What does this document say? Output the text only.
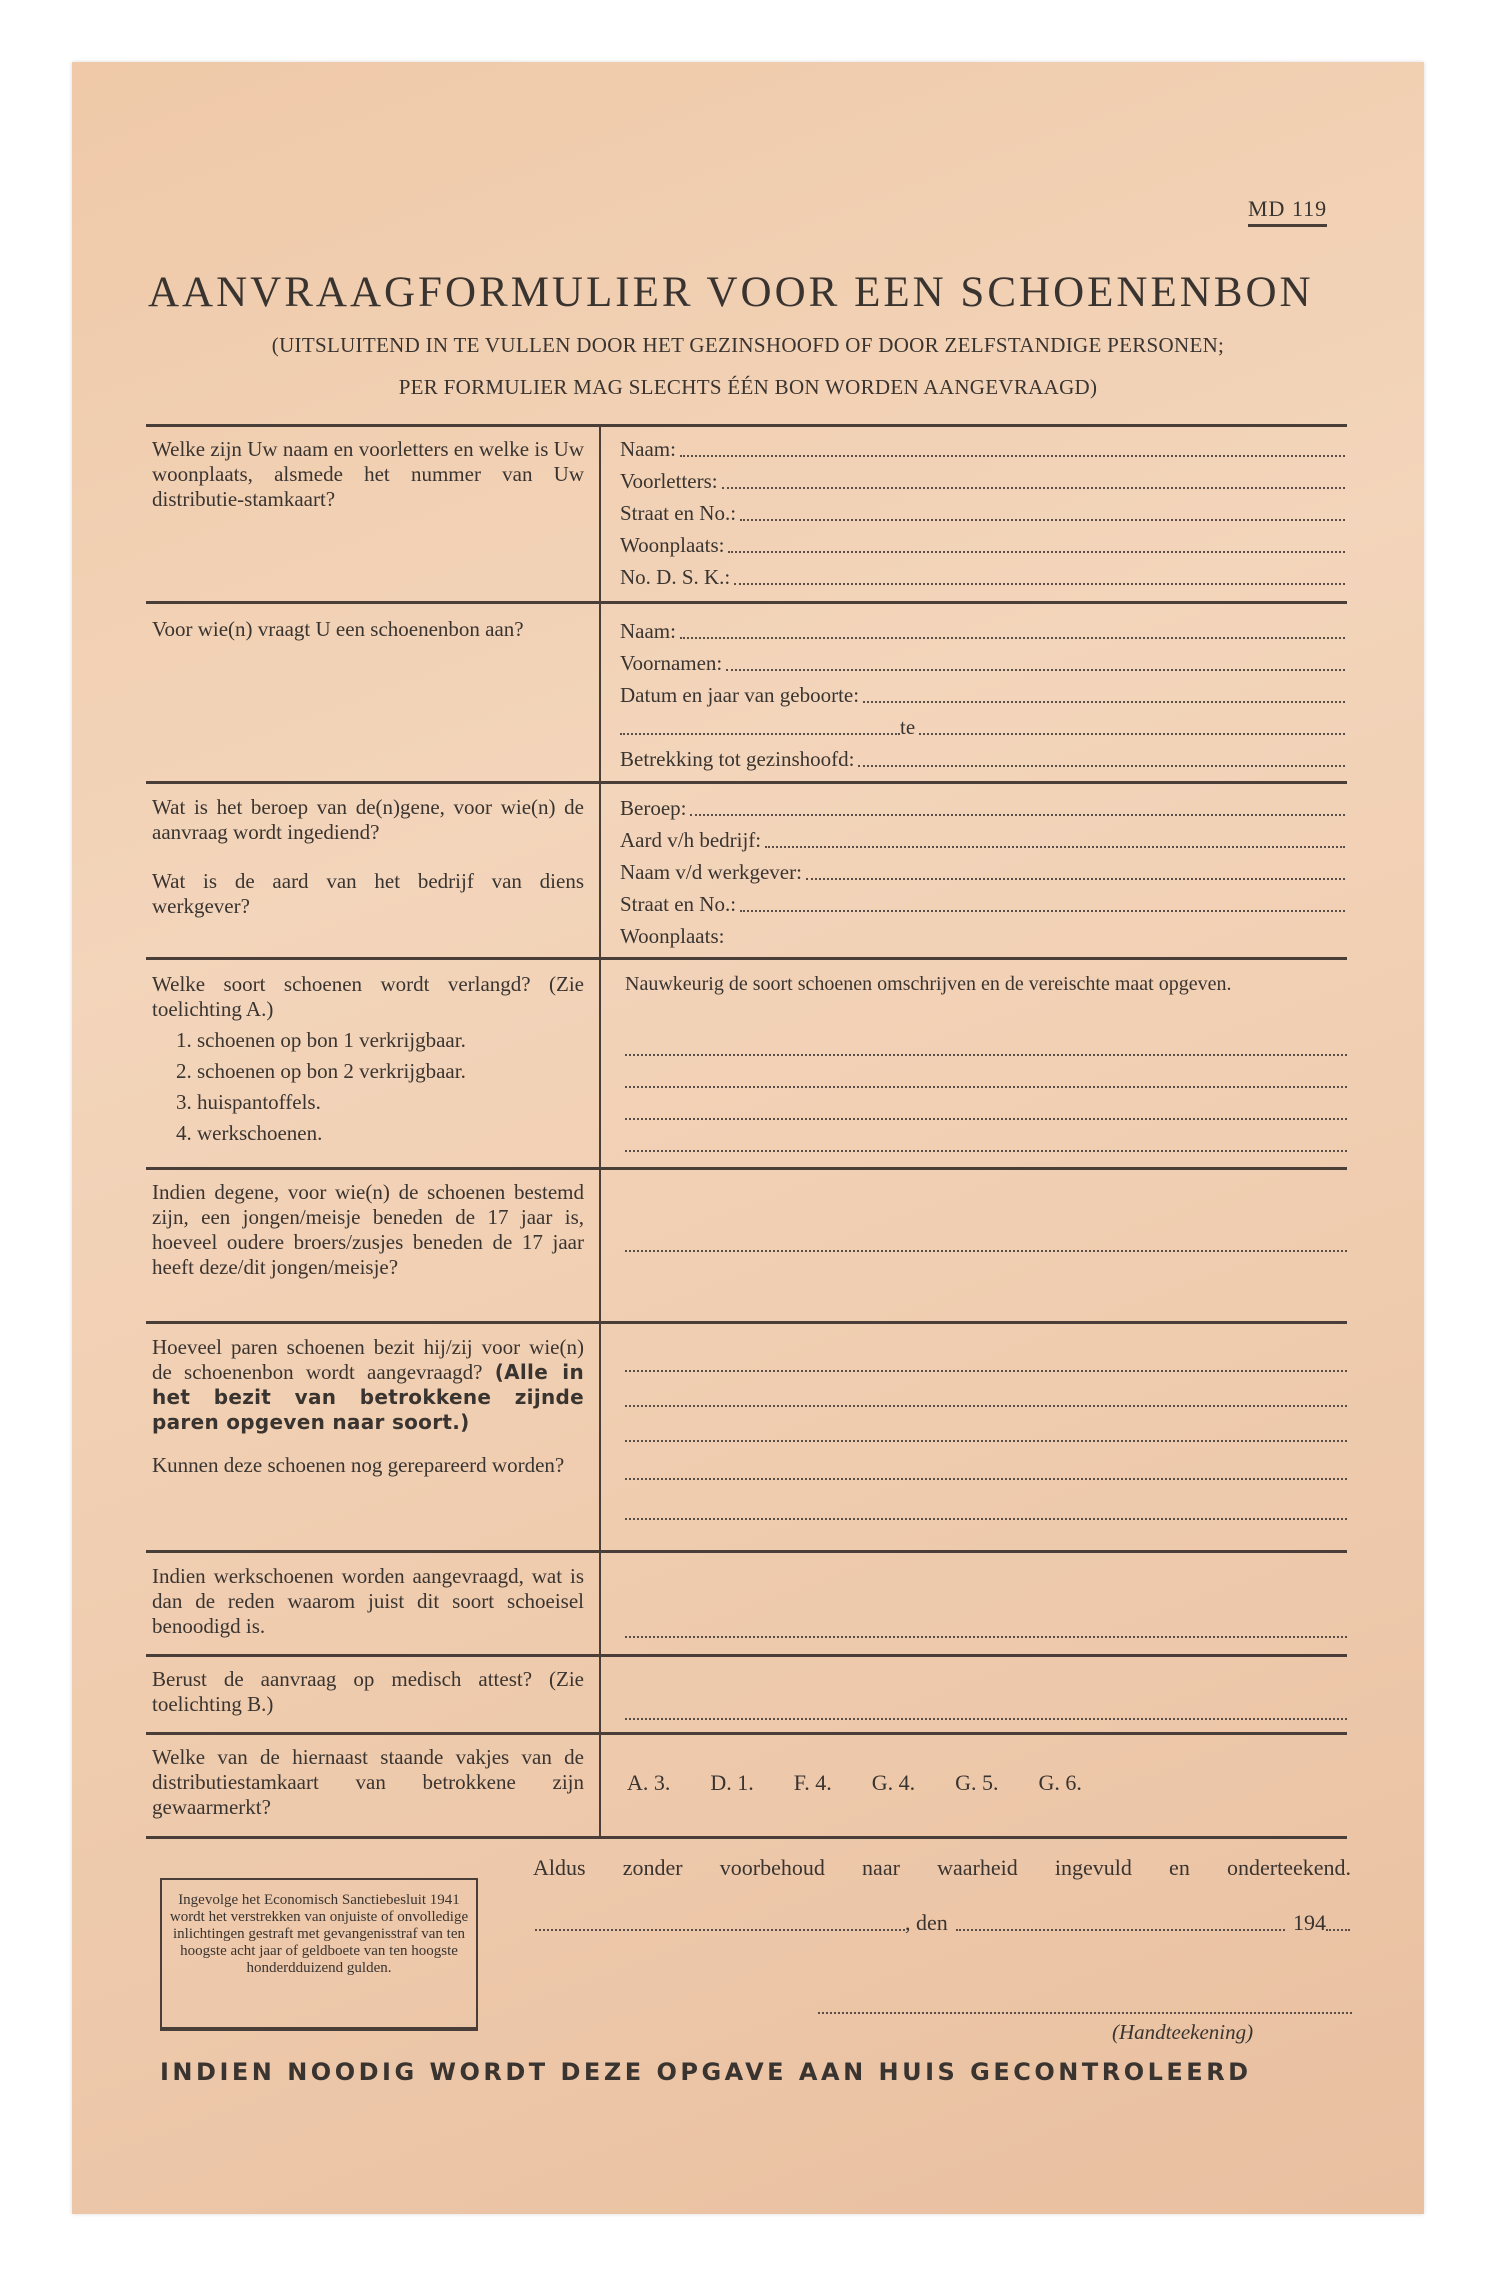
MD 119
AANVRAAGFORMULIER VOOR EEN SCHOENENBON
(UITSLUITEND IN TE VULLEN DOOR HET GEZINSHOOFD OF DOOR ZELFSTANDIGE PERSONEN;
PER FORMULIER MAG SLECHTS ÉÉN BON WORDEN AANGEVRAAGD)
Welke zijn Uw naam en voorletters en welke is Uw woonplaats, alsmede het nummer van Uw distributie-stamkaart?
Naam:
Voorletters:
Straat en No.:
Woonplaats:
No. D. S. K.:
Voor wie(n) vraagt U een schoenenbon aan?	Naam:
Voornamen:
Datum en jaar van geboorte:
te
Betrekking tot gezinshoofd:
Wat is het beroep van de(n)gene, voor wie(n) de aanvraag wordt ingediend?
Wat is de aard van het bedrijf van diens werkgever?
Beroep:
Aard v/h bedrijf:
Naam v/d werkgever:
Straat en No.:
Woonplaats:
Welke soort schoenen wordt verlangd? (Zie toelichting A.)
1. schoenen op bon 1 verkrijgbaar.
2. schoenen op bon 2 verkrijgbaar.
3. huispantoffels.
4. werkschoenen.
Nauwkeurig de soort schoenen omschrijven en de vereischte maat opgeven.
Indien degene, voor wie(n) de schoenen bestemd zijn, een jongen/meisje beneden de 17 jaar is, hoeveel oudere broers/zusjes beneden de 17 jaar heeft deze/dit jongen/meisje?
Hoeveel paren schoenen bezit hij/zij voor wie(n) de schoenenbon wordt aangevraagd? (Alle in het bezit van betrokkene zijnde paren opgeven naar soort.)
Kunnen deze schoenen nog gerepareerd worden?
Indien werkschoenen worden aangevraagd, wat is dan de reden waarom juist dit soort schoeisel benoodigd is.
Berust de aanvraag op medisch attest? (Zie toelichting B.)
Welke van de hiernaast staande vakjes van de distributiestamkaart van betrokkene zijn gewaarmerkt?
A. 3. D. 1. F. 4. G. 4. G. 5. G. 6.
Aldus zonder voorbehoud naar waarheid ingevuld en onderteekend.
, den	194
(Handteekening)
Ingevolge het Economisch Sanctiebesluit 1941 wordt het verstrekken van onjuiste of onvolledige inlichtingen gestraft met gevangenisstraf van ten hoogste acht jaar of geldboete van ten hoogste honderdduizend gulden.
INDIEN NOODIG WORDT DEZE OPGAVE AAN HUIS GECONTROLEERD
